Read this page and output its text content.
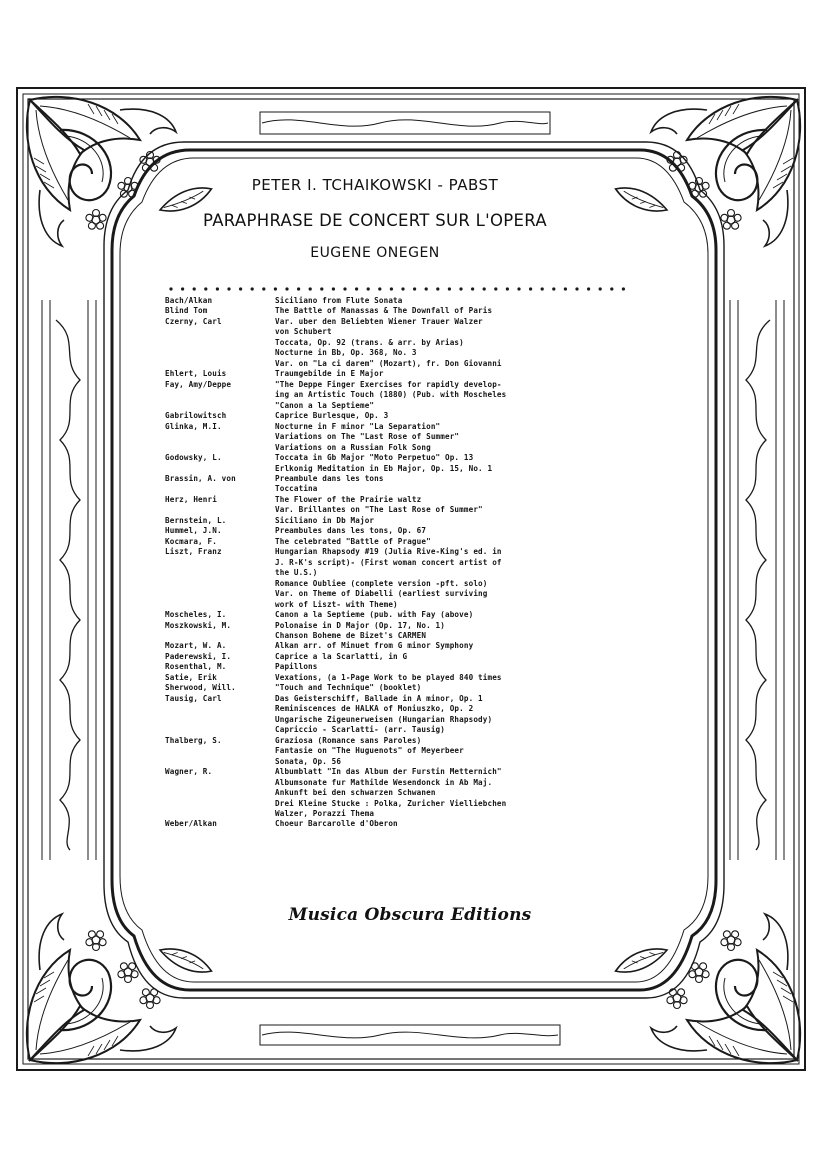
PETER I. TCHAIKOWSKI - PABST
PARAPHRASE DE CONCERT SUR L'OPERA
EUGENE ONEGEN
Bach/Alkan	Siciliano from Flute Sonata
Blind Tom	The Battle of Manassas & The Downfall of Paris
Czerny, Carl	Var. uber den Beliebten Wiener Trauer Walzer
von Schubert
Toccata, Op. 92 (trans. & arr. by Arias)
Nocturne in Bb, Op. 368, No. 3
Var. on "La ci darem" (Mozart), fr. Don Giovanni
Ehlert, Louis	Traumgebilde in E Major
Fay, Amy/Deppe	"The Deppe Finger Exercises for rapidly develop-
ing an Artistic Touch (1880) (Pub. with Moscheles
"Canon a la Septieme"
Gabrilowitsch	Caprice Burlesque, Op. 3
Glinka, M.I.	Nocturne in F minor "La Separation"
Variations on The "Last Rose of Summer"
Variations on a Russian Folk Song
Godowsky, L.	Toccata in Gb Major "Moto Perpetuo" Op. 13
Erlkonig Meditation in Eb Major, Op. 15, No. 1
Brassin, A. von	Preambule dans les tons
Toccatina
Herz, Henri	The Flower of the Prairie waltz
Var. Brillantes on "The Last Rose of Summer"
Bernstein, L.	Siciliano in Db Major
Hummel, J.N.	Preambules dans les tons, Op. 67
Kocmara, F.	The celebrated "Battle of Prague"
Liszt, Franz	Hungarian Rhapsody #19 (Julia Rive-King's ed. in
J. R-K's script)- (First woman concert artist of
the U.S.)
Romance Oubliee (complete version -pft. solo)
Var. on Theme of Diabelli (earliest surviving
work of Liszt- with Theme)
Moscheles, I.	Canon a la Septieme (pub. with Fay (above)
Moszkowski, M.	Polonaise in D Major (Op. 17, No. 1)
Chanson Boheme de Bizet's CARMEN
Mozart, W. A.	Alkan arr. of Minuet from G minor Symphony
Paderewski, I.	Caprice a la Scarlatti, in G
Rosenthal, M.	Papillons
Satie, Erik	Vexations, (a 1-Page Work to be played 840 times
Sherwood, Will.	"Touch and Technique" (booklet)
Tausig, Carl	Das Geisterschiff, Ballade in A minor, Op. 1
Reminiscences de HALKA of Moniuszko, Op. 2
Ungarische Zigeunerweisen (Hungarian Rhapsody)
Capriccio - Scarlatti- (arr. Tausig)
Thalberg, S.	Graziosa (Romance sans Paroles)
Fantasie on "The Huguenots" of Meyerbeer
Sonata, Op. 56
Wagner, R.	Albumblatt "In das Album der Furstin Metternich"
Albumsonate fur Mathilde Wesendonck in Ab Maj.
Ankunft bei den schwarzen Schwanen
Drei Kleine Stucke : Polka, Zuricher Vielliebchen
Walzer, Porazzi Thema
Weber/Alkan	Choeur Barcarolle d'Oberon
Musica Obscura Editions
